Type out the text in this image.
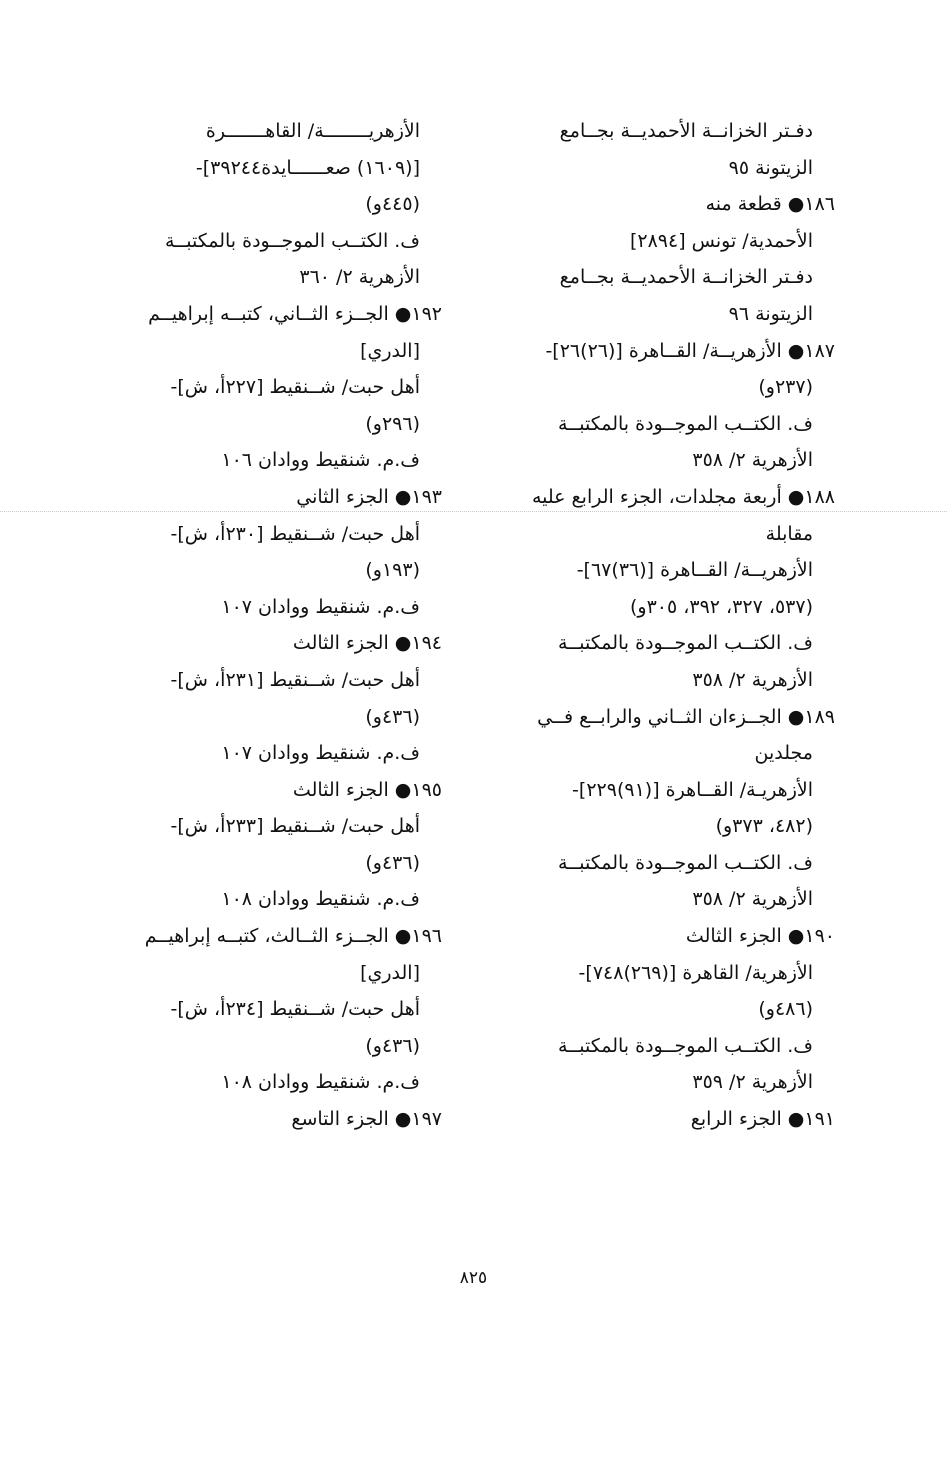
دفـتر الخزانــة الأحمديــة بجــامع
الزيتونة ٩٥
١٨٦● قطعة منه
الأحمدية/ تونس [٢٨٩٤]
دفـتر الخزانــة الأحمديــة بجــامع
الزيتونة ٩٦
١٨٧● الأزهريــة/ القــاهرة [(٢٦)٢٦]-
(٢٣٧و)
ف. الكتــب الموجــودة بالمكتبــة
الأزهرية ٢/ ٣٥٨
١٨٨● أربعة مجلدات، الجزء الرابع عليه
مقابلة
الأزهريــة/ القــاهرة [(٣٦)٦٧]-
(٥٣٧، ٣٢٧، ٣٩٢، ٣٠٥و)
ف. الكتــب الموجــودة بالمكتبــة
الأزهرية ٢/ ٣٥٨
١٨٩● الجــزءان الثــاني والرابــع فــي
مجلدين
الأزهريـة/ القــاهرة [(٩١)٢٢٩]-
(٤٨٢، ٣٧٣و)
ف. الكتــب الموجــودة بالمكتبــة
الأزهرية ٢/ ٣٥٨
١٩٠● الجزء الثالث
الأزهرية/ القاهرة [(٢٦٩)٧٤٨]-
(٤٨٦و)
ف. الكتــب الموجــودة بالمكتبــة
الأزهرية ٢/ ٣٥٩
١٩١● الجزء الرابع
الأزهريــــــــة/ القاهـــــــرة
[(١٦٠٩) صعــــــايدة٣٩٢٤٤]-
(٤٤٥و)
ف. الكتــب الموجــودة بالمكتبــة
الأزهرية ٢/ ٣٦٠
١٩٢● الجــزء الثــاني، كتبــه إبراهيــم
[الدري]
أهل حبت/ شــنقيط [٢٢٧أ، ش]-
(٢٩٦و)
ف.م. شنقيط ووادان ١٠٦
١٩٣● الجزء الثاني
أهل حبت/ شــنقيط [٢٣٠أ، ش]-
(١٩٣و)
ف.م. شنقيط ووادان ١٠٧
١٩٤● الجزء الثالث
أهل حبت/ شــنقيط [٢٣١أ، ش]-
(٤٣٦و)
ف.م. شنقيط ووادان ١٠٧
١٩٥● الجزء الثالث
أهل حبت/ شــنقيط [٢٣٣أ، ش]-
(٤٣٦و)
ف.م. شنقيط ووادان ١٠٨
١٩٦● الجــزء الثــالث، كتبــه إبراهيــم
[الدري]
أهل حبت/ شــنقيط [٢٣٤أ، ش]-
(٤٣٦و)
ف.م. شنقيط ووادان ١٠٨
١٩٧● الجزء التاسع
٨٢٥
